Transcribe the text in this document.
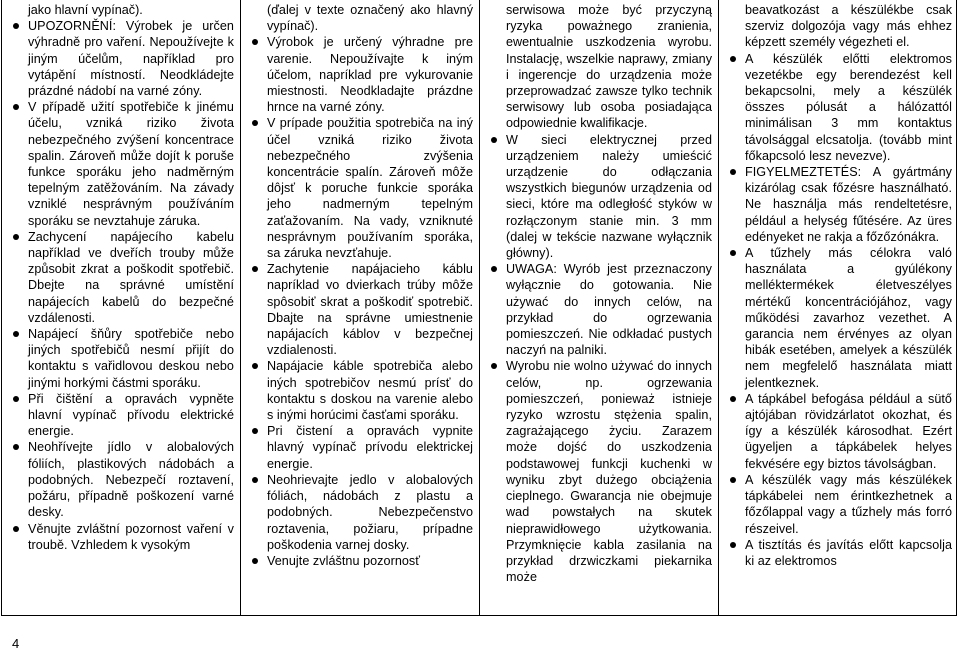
jako hlavní vypínač).

UPOZORNĚNÍ: Výrobek je určen výhradně pro vaření. Nepoužívejte k jiným účelům, například pro vytápění místností. Neodkládejte prázdné nádobí na varné zóny.
V případě užití spotřebiče k jinému účelu, vzniká riziko života nebezpečného zvýšení koncentrace spalin. Zároveň může dojít k poruše funkce sporáku jeho nadměrným tepelným zatěžováním. Na závady vzniklé nesprávným používáním sporáku se nevztahuje záruka.
Zachycení napájecího kabelu například ve dveřích trouby může způsobit zkrat a poškodit spotřebič. Dbejte na správné umístění napájecích kabelů do bezpečné vzdálenosti.
Napájecí šňůry spotřebiče nebo jiných spotřebičů nesmí přijít do kontaktu s vařidlovou deskou nebo jinými horkými částmi sporáku.
Při čištění a opravách vypněte hlavní vypínač přívodu elektrické energie.
Neohřívejte jídlo v alobalových fóliích, plastikových nádobách a podobných. Nebezpečí roztavení, požáru, případně poškození varné desky.
Věnujte zvláštní pozornost vaření v troubě. Vzhledem k vysokým

(ďalej v texte označený ako hlavný vypínač).

Výrobok je určený výhradne pre varenie. Nepoužívajte k iným účelom, napríklad pre vykurovanie miestnosti. Neodkladajte prázdne hrnce na varné zóny.
V prípade použitia spotrebiča na iný účel vzniká riziko života nebezpečného zvýšenia koncentrácie spalín. Zároveň môže dôjsť k poruche funkcie sporáka jeho nadmerným tepelným zaťažovaním. Na vady, vzniknuté nesprávnym používaním sporáka, sa záruka nevzťahuje.
Zachytenie napájacieho káblu napríklad vo dvierkach trúby môže spôsobiť skrat a poškodiť spotrebič. Dbajte na správne umiestnenie napájacích káblov v bezpečnej vzdialenosti.
Napájacie káble spotrebiča alebo iných spotrebičov nesmú prísť do kontaktu s doskou na varenie alebo s inými horúcimi časťami sporáku.
Pri čistení a opravách vypnite hlavný vypínač prívodu elektrickej energie.
Neohrievajte jedlo v alobalových fóliách, nádobách z plastu a podobných. Nebezpečenstvo roztavenia, požiaru, prípadne poškodenia varnej dosky.
Venujte zvláštnu pozornosť

serwisowa może być przyczyną ryzyka poważnego zranienia, ewentualnie uszkodzenia wyrobu. Instalację, wszelkie naprawy, zmiany i ingerencje do urządzenia może przeprowadzać zawsze tylko technik serwisowy lub osoba posiadająca odpowiednie kwalifikacje.

W sieci elektrycznej przed urządzeniem należy umieścić urządzenie do odłączania wszystkich biegunów urządzenia od sieci, które ma odległość styków w rozłączonym stanie min. 3 mm (dalej w tekście nazwane wyłącznik główny).
UWAGA: Wyrób jest przeznaczony wyłącznie do gotowania. Nie używać do innych celów, na przykład do ogrzewania pomieszczeń. Nie odkładać pustych naczyń na palniki.
Wyrobu nie wolno używać do innych celów, np. ogrzewania pomieszczeń, ponieważ istnieje ryzyko wzrostu stężenia spalin, zagrażającego życiu. Zarazem może dojść do uszkodzenia podstawowej funkcji kuchenki w wyniku zbyt dużego obciążenia cieplnego. Gwarancja nie obejmuje wad powstałych na skutek nieprawidłowego użytkowania. Przymknięcie kabla zasilania na przykład drzwiczkami piekarnika może

beavatkozást a készülékbe csak szerviz dolgozója vagy más ehhez képzett személy végezheti el.

A készülék előtti elektromos vezetékbe egy berendezést kell bekapcsolni, mely a készülék összes pólusát a hálózattól minimálisan 3 mm kontaktus távolsággal elcsatolja. (tovább mint főkapcsoló lesz nevezve).
FIGYELMEZTETÉS: A gyártmány kizárólag csak főzésre használható. Ne használja más rendeltetésre, például a helység fűtésére. Az üres edényeket ne rakja a főzőzónákra.
A tűzhely más célokra való használata a gyúlékony melléktermékek életveszélyes mértékű koncentrációjához, vagy működési zavarhoz vezethet. A garancia nem érvényes az olyan hibák esetében, amelyek a készülék nem megfelelő használata miatt jelentkeznek.
A tápkábel befogása például a sütő ajtójában rövidzárlatot okozhat, és így a készülék károsodhat. Ezért ügyeljen a tápkábelek helyes fekvésére egy biztos távolságban.
A készülék vagy más készülékek tápkábelei nem érintkezhetnek a főzőlappal vagy a tűzhely más forró részeivel.
A tisztítás és javítás előtt kapcsolja ki az elektromos
4
